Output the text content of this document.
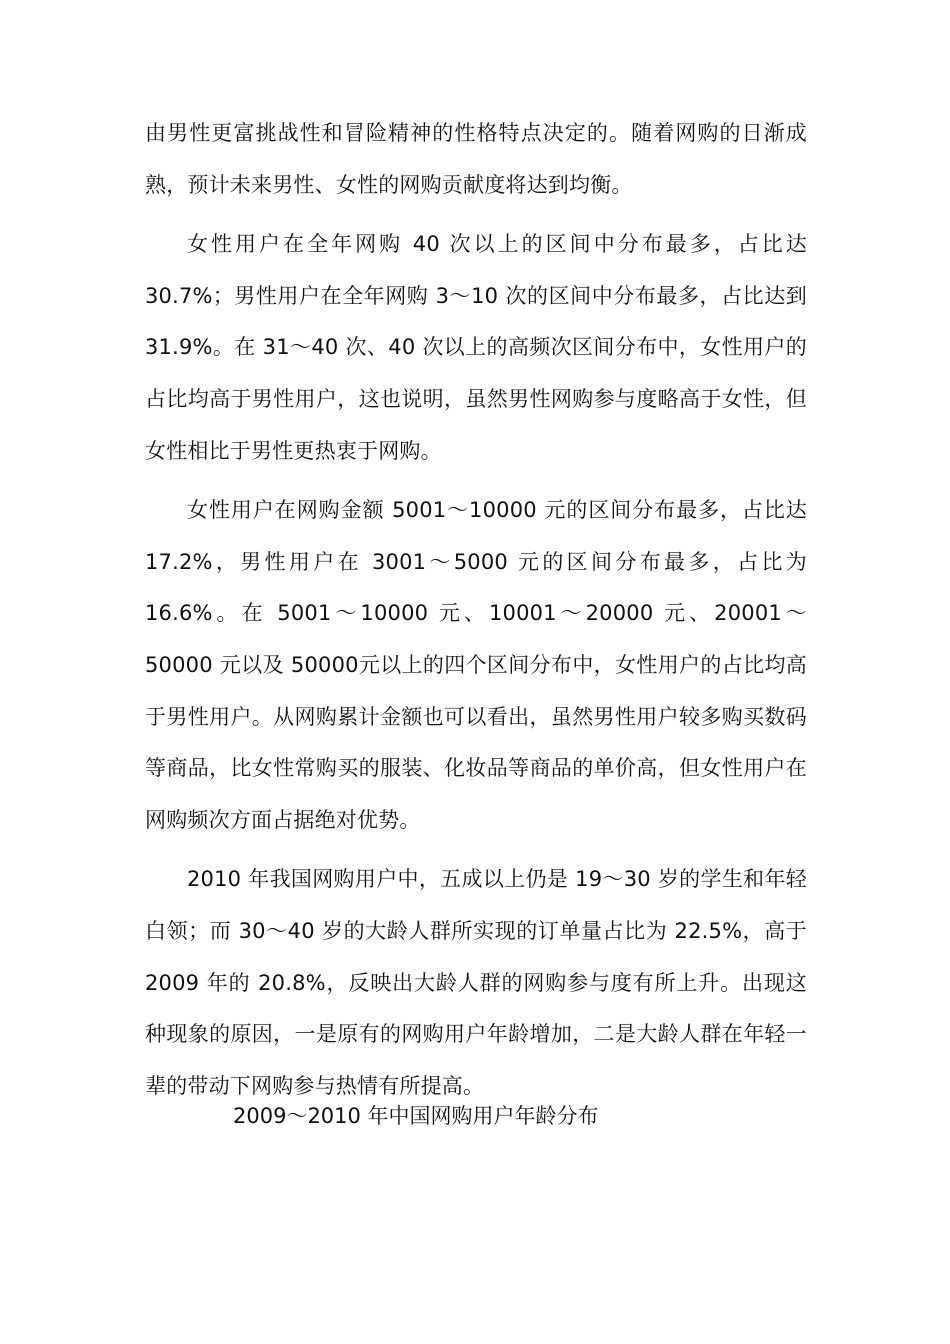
由男性更富挑战性和冒险精神的性格特点决定的。随着网购的日渐成熟，预计未来男性、女性的网购贡献度将达到均衡。

女性用户在全年网购 40 次以上的区间中分布最多，占比达30.7%；男性用户在全年网购 3～10 次的区间中分布最多，占比达到31.9%。在 31～40 次、40 次以上的高频次区间分布中，女性用户的占比均高于男性用户，这也说明，虽然男性网购参与度略高于女性，但女性相比于男性更热衷于网购。

女性用户在网购金额 5001～10000 元的区间分布最多，占比达17.2%，男性用户在 3001～5000 元的区间分布最多，占比为 16.6%。在 5001～10000 元、10001～20000 元、20001～50000 元以及 50000元以上的四个区间分布中，女性用户的占比均高于男性用户。从网购累计金额也可以看出，虽然男性用户较多购买数码等商品，比女性常购买的服装、化妆品等商品的单价高，但女性用户在网购频次方面占据绝对优势。

2010 年我国网购用户中，五成以上仍是 19～30 岁的学生和年轻白领；而 30～40 岁的大龄人群所实现的订单量占比为 22.5%，高于2009 年的 20.8%，反映出大龄人群的网购参与度有所上升。出现这种现象的原因，一是原有的网购用户年龄增加，二是大龄人群在年轻一辈的带动下网购参与热情有所提高。

2009～2010 年中国网购用户年龄分布
